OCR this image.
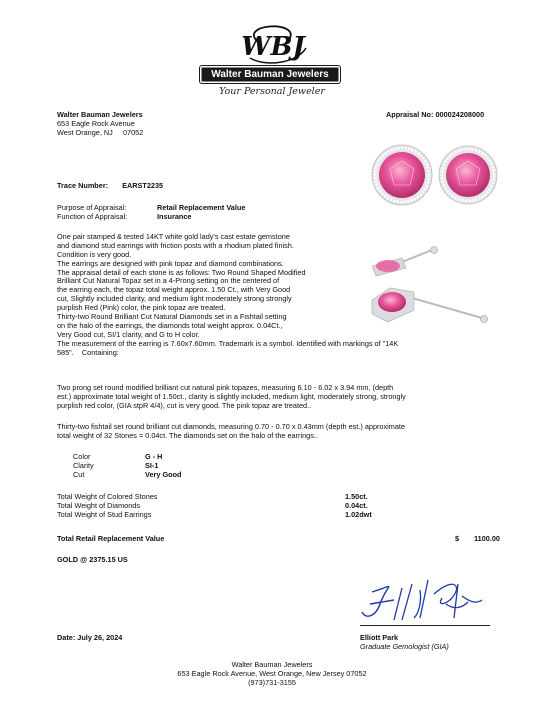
WBJ
Walter Bauman Jewelers
Your Personal Jeweler
Walter Bauman Jewelers
653 Eagle Rock Avenue
West Orange, NJ     07052
Appraisal No: 000024208000
Trace Number: EARST2235
Purpose of Appraisal:	Retail Replacement Value
Function of Appraisal:	Insurance

One pair stamped & tested 14KT white gold lady's cast estate gemstone

and diamond stud earrings with friction posts with a rhodium plated finish.

Condition is very good.

The earrings are designed with pink topaz and diamond combinations.

The appraisal detail of each stone is as follows: Two Round Shaped Modified

Brilliant Cut Natural Topaz set in a 4-Prong setting on the centered of

the earring each, the topaz total weight approx. 1.50 Ct., with Very Good

cut, Slightly included clarity, and medium light moderately strong strongly

purplish Red (Pink) color, the pink topaz are treated.

Thirty-two Round Brilliant Cut Natural Diamonds set in a Fishtail setting

on the halo of the earrings, the diamonds total weight approx. 0.04Ct.,

Very Good cut, SI/1 clarity, and G to H color.

The measurement of the earring is 7.60x7.60mm. Trademark is a symbol. Identified with markings of "14K

585".    Containing:

Two prong set round modified brilliant cut natural pink topazes, measuring 6.10 - 6.02 x 3.94 mm, (depth

est.) approximate total weight of 1.50ct., clarity is slightly included, medium light, moderately strong, strongly

purplish red color, (GIA stpR 4/4), cut is very good. The pink topaz are treated..

Thirty-two fishtail set round brilliant cut diamonds, measuring 0.70 - 0.70 x 0.43mm (depth est.) approximate

total weight of 32 Stones = 0.04ct. The diamonds set on the halo of the earrings..

Color	G - H
Clarity	SI-1
Cut	Very Good
Total Weight of Colored Stones	1.50ct.
Total Weight of Diamonds	0.04ct.
Total Weight of Stud Earrings	1.02dwt
Total Retail Replacement Value	$ 1100.00
GOLD @ 2375.15 US
Date: July 26, 2024	Elliott Park
Graduate Gemologist (GIA)
Walter Bauman Jewelers
653 Eagle Rock Avenue, West Orange, New Jersey 07052
(973)731-3155
